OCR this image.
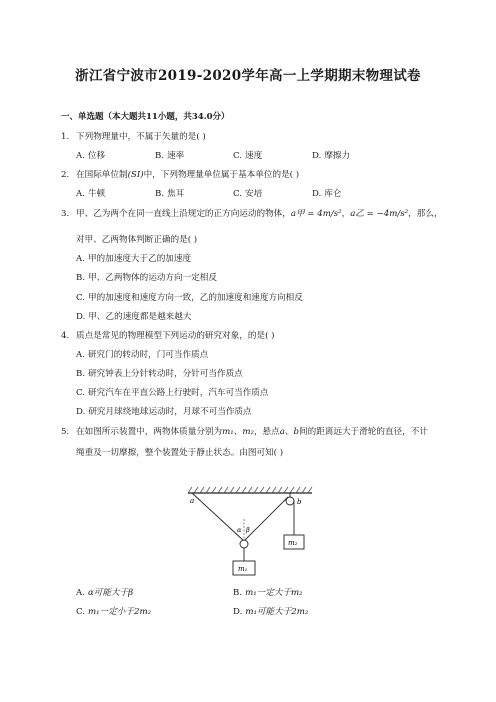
浙江省宁波市2019-2020学年高一上学期期末物理试卷
一、单选题（本大题共11小题，共34.0分）
1. 下列物理量中，不属于矢量的是( )
A. 位移	B. 速率	C. 速度	D. 摩擦力
2. 在国际单位制(SI)中，下列物理量单位属于基本单位的是( )
A. 牛顿	B. 焦耳	C. 安培	D. 库仑
3. 甲、乙为两个在同一直线上沿规定的正方向运动的物体，a甲 = 4m/s²，a乙 = −4m/s²，那么，
对甲、乙两物体判断正确的是( )
A. 甲的加速度大于乙的加速度
B. 甲、乙两物体的运动方向一定相反
C. 甲的加速度和速度方向一致，乙的加速度和速度方向相反
D. 甲、乙的速度都是越来越大
4. 质点是常见的物理模型下列运动的研究对象，的是( )
A. 研究门的转动时，门可当作质点
B. 研究钟表上分针转动时，分针可当作质点
C. 研究汽车在平直公路上行驶时，汽车可当作质点
D. 研究月球绕地球运动时，月球不可当作质点
5. 在如图所示装置中，两物体质量分别为m₁、m₂，悬点a、b间的距离远大于滑轮的直径，不计
绳重及一切摩擦，整个装置处于静止状态。由图可知( )
m₂
m₁
a	b
α β
A. α可能大于β	B. m₁一定大于m₂
C. m₁一定小于2m₂	D. m₁可能大于2m₂
